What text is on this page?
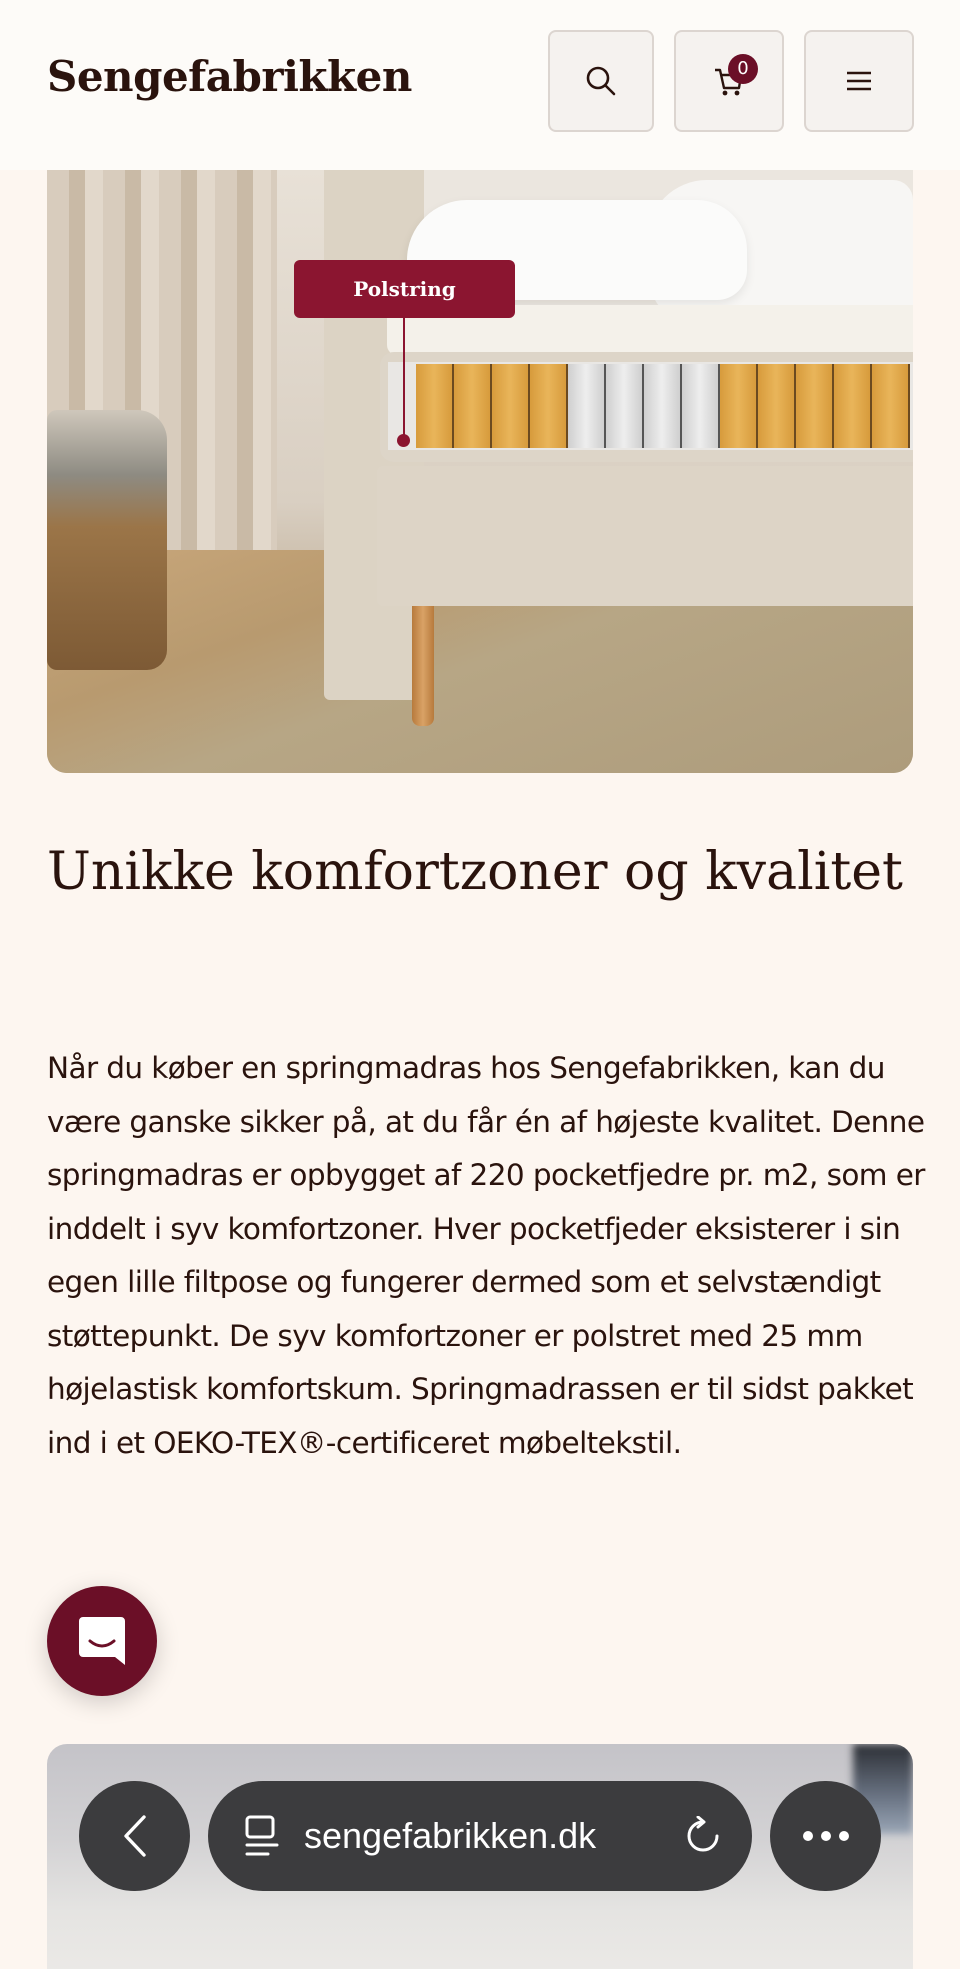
Sengefabrikken	0
Polstring
Unikke komfortzoner og kvalitet

Når du køber en springmadras hos Sengefabrikken, kan du være ganske sikker på, at du får én af højeste kvalitet. Denne springmadras er opbygget af 220 pocketfjedre pr. m2, som er inddelt i syv komfortzoner. Hver pocketfjeder eksisterer i sin egen lille filtpose og fungerer dermed som et selvstændigt støttepunkt. De syv komfortzoner er polstret med 25 mm højelastisk komfortskum. Springmadrassen er til sidst pakket ind i et OEKO-TEX®-certificeret møbeltekstil.

sengefabrikken.dk
